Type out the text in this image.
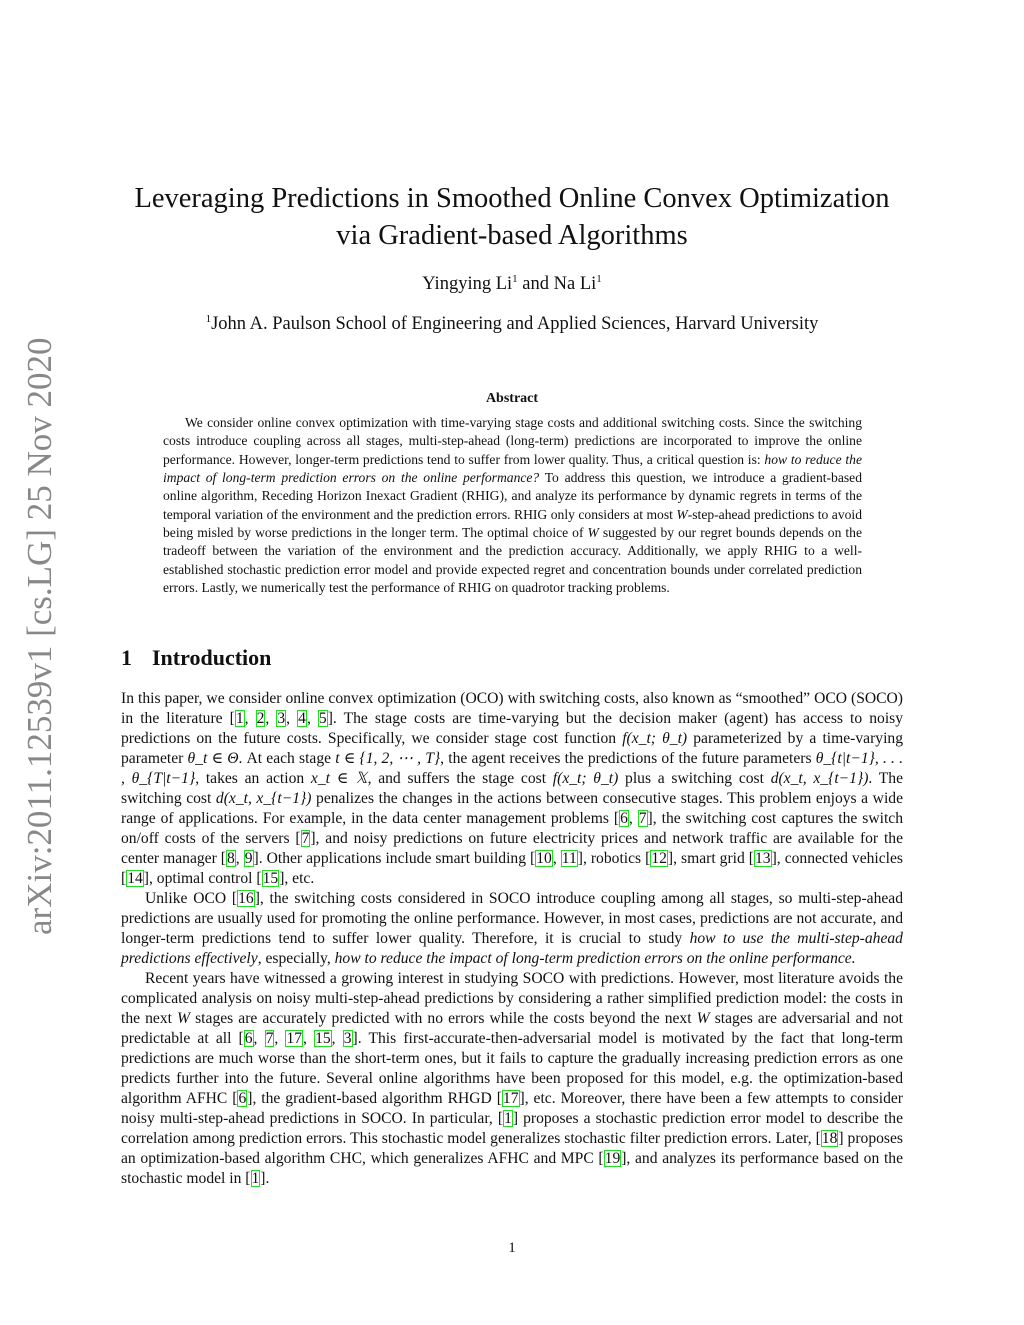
arXiv:2011.12539v1 [cs.LG] 25 Nov 2020
Leveraging Predictions in Smoothed Online Convex Optimization
via Gradient-based Algorithms
Yingying Li$^1$ and Na Li$^1$
$^1$John A. Paulson School of Engineering and Applied Sciences, Harvard University
Abstract
We consider online convex optimization with time-varying stage costs and additional switching costs. Since the switching costs introduce coupling across all stages, multi-step-ahead (long-term) predictions are incorporated to improve the online performance. However, longer-term predictions tend to suffer from lower quality. Thus, a critical question is: how to reduce the impact of long-term prediction errors on the online performance? To address this question, we introduce a gradient-based online algorithm, Receding Horizon Inexact Gradient (RHIG), and analyze its performance by dynamic regrets in terms of the temporal variation of the environment and the prediction errors. RHIG only considers at most W-step-ahead predictions to avoid being misled by worse predictions in the longer term. The optimal choice of W suggested by our regret bounds depends on the tradeoff between the variation of the environment and the prediction accuracy. Additionally, we apply RHIG to a well-established stochastic prediction error model and provide expected regret and concentration bounds under correlated prediction errors. Lastly, we numerically test the performance of RHIG on quadrotor tracking problems.
1 Introduction

In this paper, we consider online convex optimization (OCO) with switching costs, also known as “smoothed” OCO (SOCO) in the literature [1, 2, 3, 4, 5]. The stage costs are time-varying but the decision maker (agent) has access to noisy predictions on the future costs. Specifically, we consider stage cost function f(x_t; θ_t) parameterized by a time-varying parameter θ_t ∈ Θ. At each stage t ∈ {1, 2, ⋯ , T}, the agent receives the predictions of the future parameters θ_{t|t−1}, . . . , θ_{T|t−1}, takes an action x_t ∈ 𝕏, and suffers the stage cost f(x_t; θ_t) plus a switching cost d(x_t, x_{t−1}). The switching cost d(x_t, x_{t−1}) penalizes the changes in the actions between consecutive stages. This problem enjoys a wide range of applications. For example, in the data center management problems [6, 7], the switching cost captures the switch on/off costs of the servers [7], and noisy predictions on future electricity prices and network traffic are available for the center manager [8, 9]. Other applications include smart building [10, 11], robotics [12], smart grid [13], connected vehicles [14], optimal control [15], etc.

Unlike OCO [16], the switching costs considered in SOCO introduce coupling among all stages, so multi-step-ahead predictions are usually used for promoting the online performance. However, in most cases, predictions are not accurate, and longer-term predictions tend to suffer lower quality. Therefore, it is crucial to study how to use the multi-step-ahead predictions effectively, especially, how to reduce the impact of long-term prediction errors on the online performance.

Recent years have witnessed a growing interest in studying SOCO with predictions. However, most literature avoids the complicated analysis on noisy multi-step-ahead predictions by considering a rather simplified prediction model: the costs in the next W stages are accurately predicted with no errors while the costs beyond the next W stages are adversarial and not predictable at all [6, 7, 17, 15, 3]. This first-accurate-then-adversarial model is motivated by the fact that long-term predictions are much worse than the short-term ones, but it fails to capture the gradually increasing prediction errors as one predicts further into the future. Several online algorithms have been proposed for this model, e.g. the optimization-based algorithm AFHC [6], the gradient-based algorithm RHGD [17], etc. Moreover, there have been a few attempts to consider noisy multi-step-ahead predictions in SOCO. In particular, [1] proposes a stochastic prediction error model to describe the correlation among prediction errors. This stochastic model generalizes stochastic filter prediction errors. Later, [18] proposes an optimization-based algorithm CHC, which generalizes AFHC and MPC [19], and analyzes its performance based on the stochastic model in [1].

1
